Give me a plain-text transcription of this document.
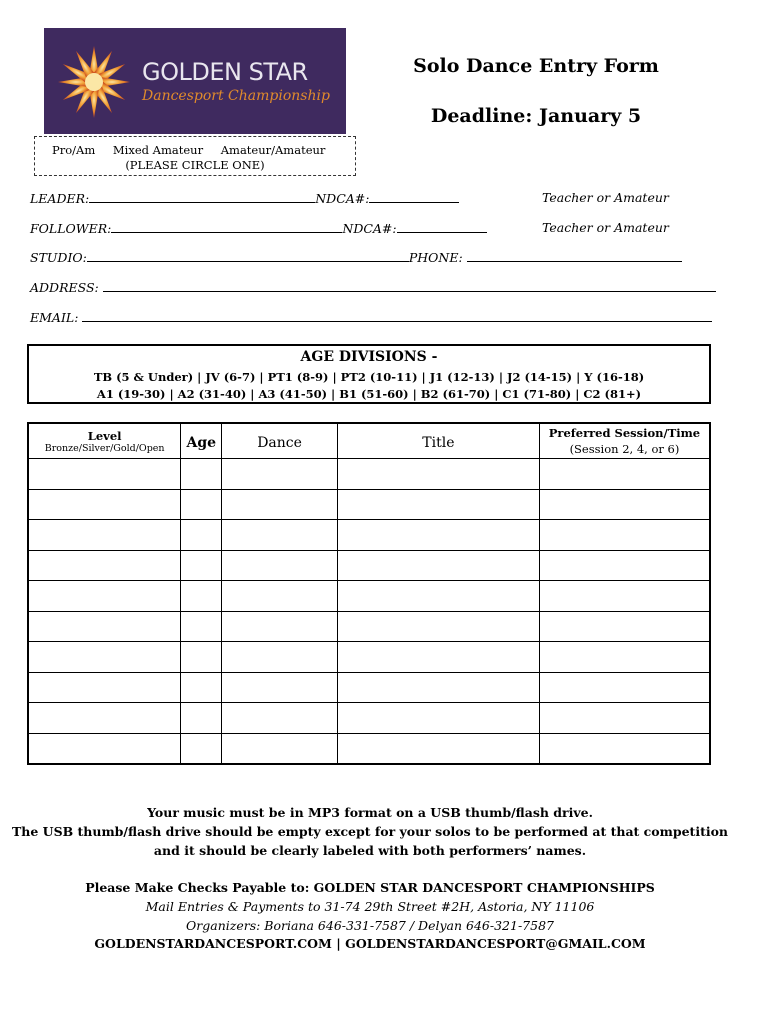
GOLDEN STAR
Dancesport Championship
Solo Dance Entry Form
Deadline: January 5
Pro/Am Mixed Amateur Amateur/Amateur
(PLEASE CIRCLE ONE)
LEADER:	NDCA#:	Teacher or Amateur
FOLLOWER:	NDCA#:	Teacher or Amateur
STUDIO:	PHONE:
ADDRESS:
EMAIL:
AGE DIVISIONS -
TB (5 & Under) | JV (6-7) | PT1 (8-9) | PT2 (10-11) | J1 (12-13) | J2 (14-15) | Y (16-18)
A1 (19-30) | A2 (31-40) | A3 (41-50) | B1 (51-60) | B2 (61-70) | C1 (71-80) | C2 (81+)
Level
Bronze/Silver/Gold/Open	Age	Dance	Title	Preferred Session/Time
(Session 2, 4, or 6)

Your music must be in MP3 format on a USB thumb/flash drive.
The USB thumb/flash drive should be empty except for your solos to be performed at that competition
and it should be clearly labeled with both performers’ names.
Please Make Checks Payable to: GOLDEN STAR DANCESPORT CHAMPIONSHIPS
Mail Entries & Payments to 31-74 29th Street #2H, Astoria, NY 11106
Organizers: Boriana 646-331-7587 / Delyan 646-321-7587
GOLDENSTARDANCESPORT.COM | GOLDENSTARDANCESPORT@GMAIL.COM
